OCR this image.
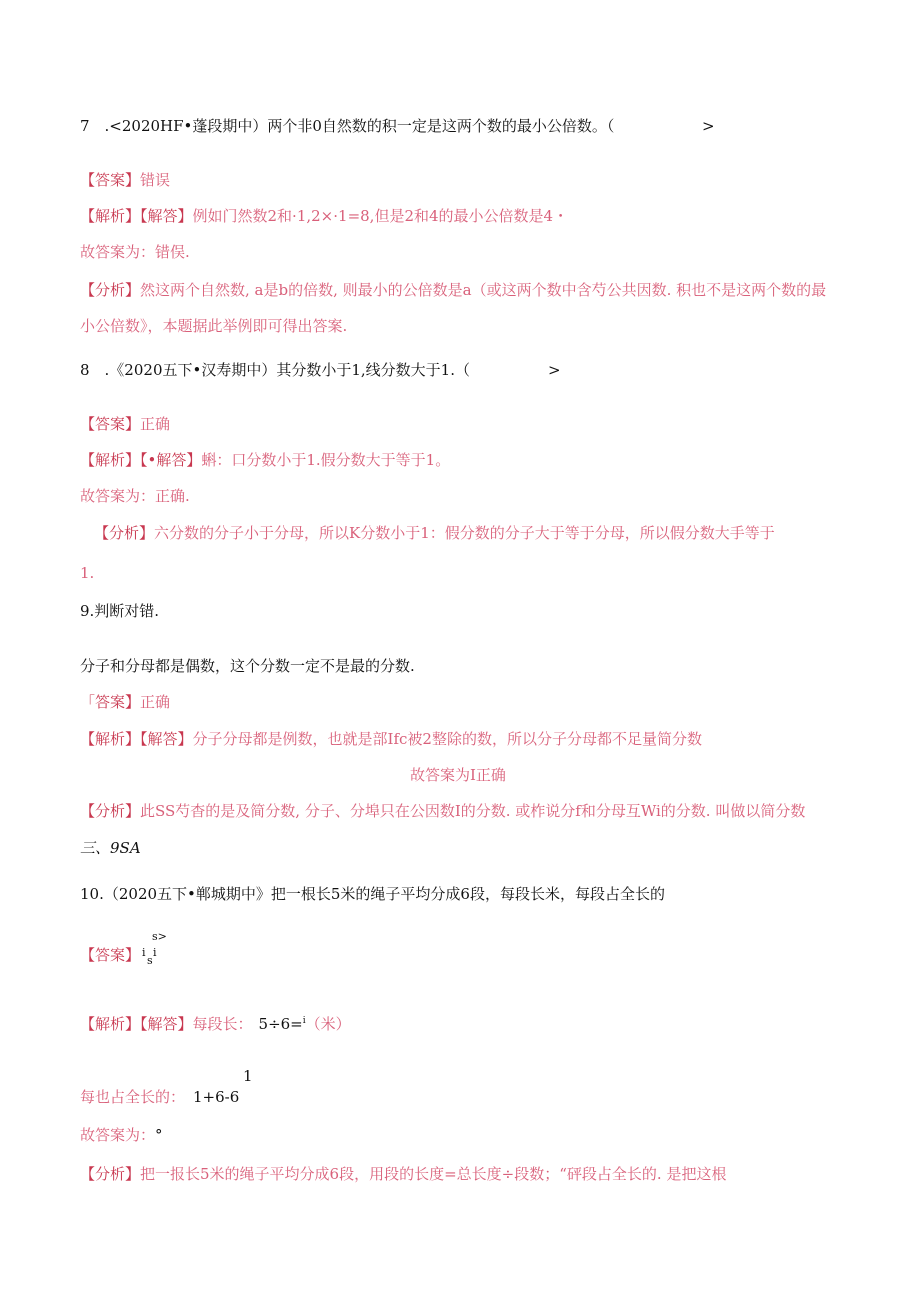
7　.<2020HF•蓬段期中）两个非0自然数的积一定是这两个数的最小公倍数。（	>
【答案】错误
【解析】【解答】例如门然数2和·1,2×·1=8,但是2和4的最小公倍数是4・
故答案为：错俣.
【分析】然这两个自然数, a是b的倍数, 则最小的公倍数是a（或这两个数中含芍公共因数. 积也不是这两个数的最
小公倍数》，本题据此举例即可得出答案.
8　.《2020五下•汉寿期中）其分数小于1,线分数大于1.（	>
【答案】正确
【解析】【•解答】蝌：口分数小于1.假分数大于等于1。
故答案为：正确.
【分析】六分数的分子小于分母，所以K分数小于1：假分数的分子大于等于分母，所以假分数大手等于
1.
9.判断对错.
分子和分母都是偶数，这个分数一定不是最的分数.
「答案】正确
【解析】【解答】分子分母都是例数，也就是部Ifc被2整除的数，所以分子分母都不足量简分数
故答案为I正确
【分析】此SS芍杳的是及简分数, 分子、分埠只在公因数I的分数. 或柞说分f和分母互Wi的分数. 叫做以简分数
三、9SA
10.（2020五下•郸城期中》把一根长5米的绳子平均分成6段，每段长米，每段占全长的
s>
【答案】 i
s
i
【解析】【解答】每段长： 5÷6=$^i$（米）
1
每也占全长的： 1+6-6
故答案为：°
【分析】把一报长5米的绳子平均分成6段，用段的长度=总长度÷段数；“砰段占全长的. 是把这根
